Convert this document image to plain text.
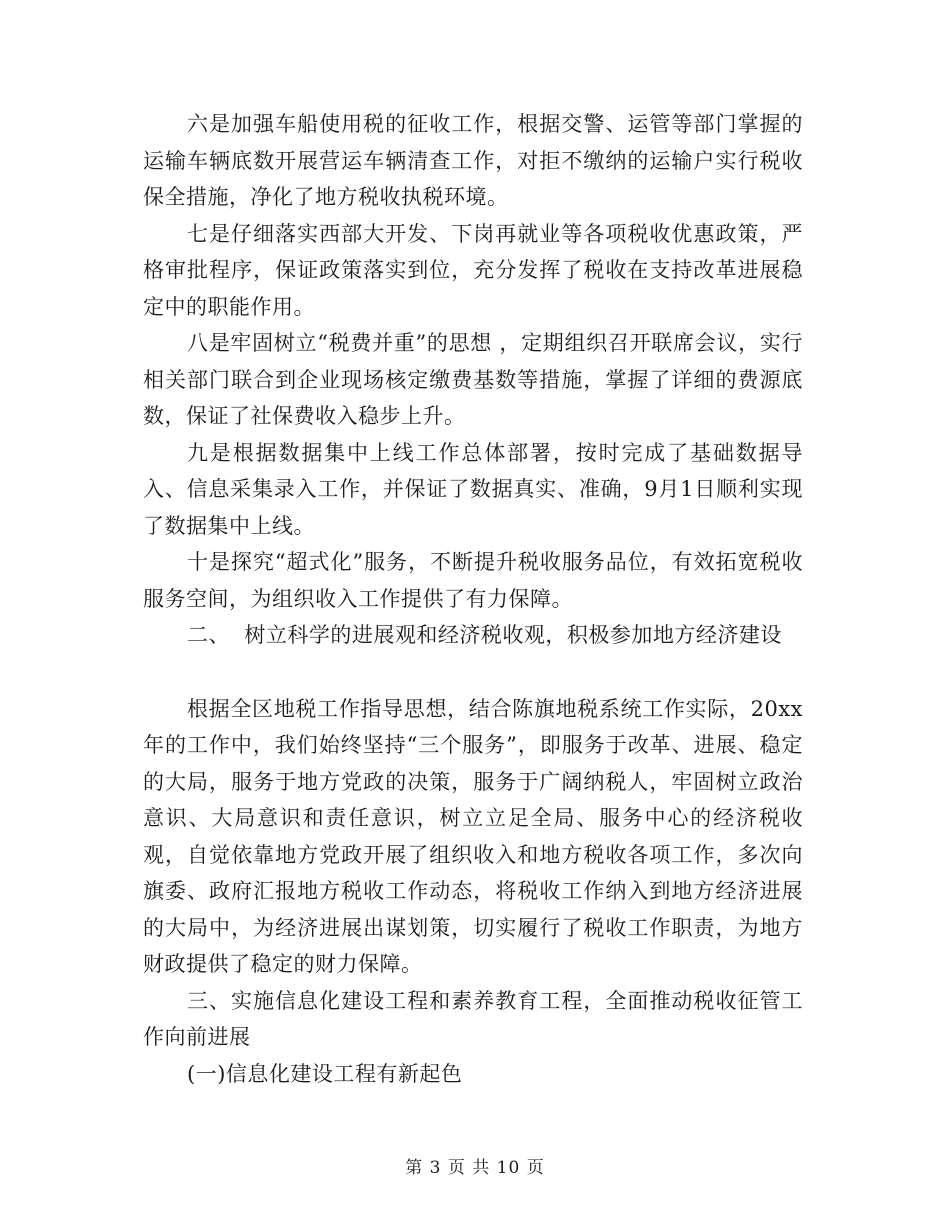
六是加强车船使用税的征收工作，根据交警、运管等部门掌握的运输车辆底数开展营运车辆清查工作，对拒不缴纳的运输户实行税收保全措施，净化了地方税收执税环境。

七是仔细落实西部大开发、下岗再就业等各项税收优惠政策，严格审批程序，保证政策落实到位，充分发挥了税收在支持改革进展稳定中的职能作用。

八是牢固树立“税费并重”的思想 ，定期组织召开联席会议，实行相关部门联合到企业现场核定缴费基数等措施，掌握了详细的费源底数，保证了社保费收入稳步上升。

九是根据数据集中上线工作总体部署，按时完成了基础数据导入、信息采集录入工作，并保证了数据真实、准确，9月1日顺利实现了数据集中上线。

十是探究“超式化”服务，不断提升税收服务品位，有效拓宽税收服务空间，为组织收入工作提供了有力保障。

二、  树立科学的进展观和经济税收观，积极参加地方经济建设

根据全区地税工作指导思想，结合陈旗地税系统工作实际，20xx年的工作中，我们始终坚持“三个服务”，即服务于改革、进展、稳定的大局，服务于地方党政的决策，服务于广阔纳税人，牢固树立政治意识、大局意识和责任意识，树立立足全局、服务中心的经济税收观，自觉依靠地方党政开展了组织收入和地方税收各项工作，多次向旗委、政府汇报地方税收工作动态，将税收工作纳入到地方经济进展的大局中，为经济进展出谋划策，切实履行了税收工作职责，为地方财政提供了稳定的财力保障。

三、实施信息化建设工程和素养教育工程，全面推动税收征管工作向前进展

(一)信息化建设工程有新起色

第 3 页 共 10 页
